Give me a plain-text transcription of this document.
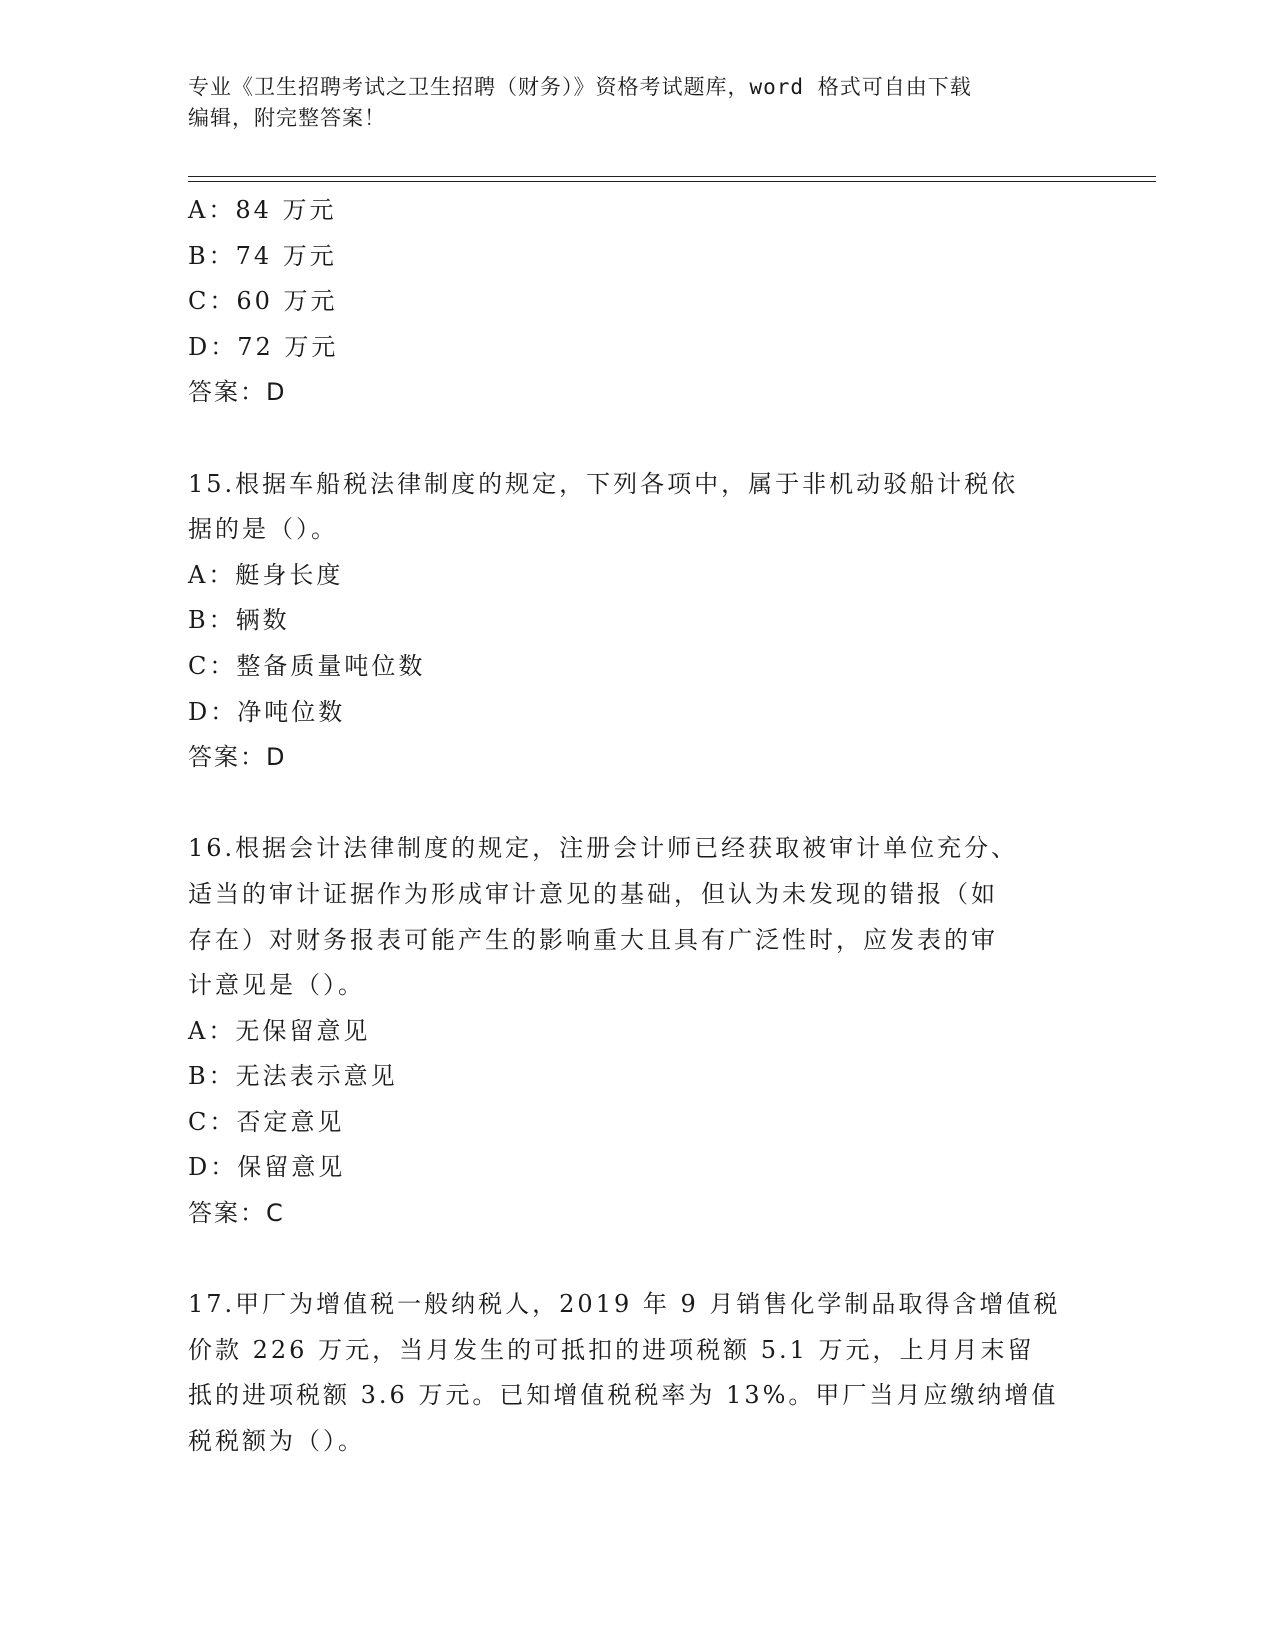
专业《卫生招聘考试之卫生招聘（财务）》资格考试题库，word 格式可自由下载
编辑，附完整答案！
A：84 万元
B：74 万元
C：60 万元
D：72 万元
答案：D
15.根据车船税法律制度的规定，下列各项中，属于非机动驳船计税依
据的是（）。
A：艇身长度
B：辆数
C：整备质量吨位数
D：净吨位数
答案：D
16.根据会计法律制度的规定，注册会计师已经获取被审计单位充分、
适当的审计证据作为形成审计意见的基础，但认为未发现的错报（如
存在）对财务报表可能产生的影响重大且具有广泛性时，应发表的审
计意见是（）。
A：无保留意见
B：无法表示意见
C：否定意见
D：保留意见
答案：C
17.甲厂为增值税一般纳税人，2019 年 9 月销售化学制品取得含增值税
价款 226 万元，当月发生的可抵扣的进项税额 5.1 万元，上月月末留
抵的进项税额 3.6 万元。已知增值税税率为 13%。甲厂当月应缴纳增值
税税额为（）。
